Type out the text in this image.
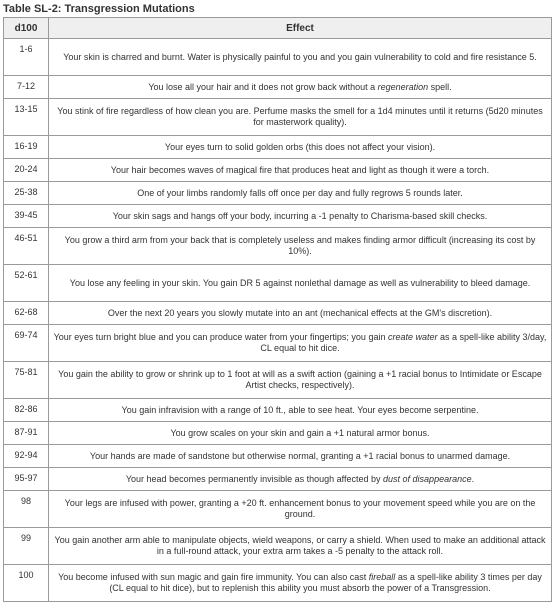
Table SL-2: Transgression Mutations
d100	Effect
1-6	Your skin is charred and burnt. Water is physically painful to you and you gain vulnerability to cold and fire resistance 5.
7-12	You lose all your hair and it does not grow back without a regeneration spell.
13-15	You stink of fire regardless of how clean you are. Perfume masks the smell for a 1d4 minutes until it returns (5d20 minutes for masterwork quality).
16-19	Your eyes turn to solid golden orbs (this does not affect your vision).
20-24	Your hair becomes waves of magical fire that produces heat and light as though it were a torch.
25-38	One of your limbs randomly falls off once per day and fully regrows 5 rounds later.
39-45	Your skin sags and hangs off your body, incurring a -1 penalty to Charisma-based skill checks.
46-51	You grow a third arm from your back that is completely useless and makes finding armor difficult (increasing its cost by 10%).
52-61	You lose any feeling in your skin. You gain DR 5 against nonlethal damage as well as vulnerability to bleed damage.
62-68	Over the next 20 years you slowly mutate into an ant (mechanical effects at the GM's discretion).
69-74	Your eyes turn bright blue and you can produce water from your fingertips; you gain create water as a spell-like ability 3/day, CL equal to hit dice.
75-81	You gain the ability to grow or shrink up to 1 foot at will as a swift action (gaining a +1 racial bonus to Intimidate or Escape Artist checks, respectively).
82-86	You gain infravision with a range of 10 ft., able to see heat. Your eyes become serpentine.
87-91	You grow scales on your skin and gain a +1 natural armor bonus.
92-94	Your hands are made of sandstone but otherwise normal, granting a +1 racial bonus to unarmed damage.
95-97	Your head becomes permanently invisible as though affected by dust of disappearance.
98	Your legs are infused with power, granting a +20 ft. enhancement bonus to your movement speed while you are on the ground.
99	You gain another arm able to manipulate objects, wield weapons, or carry a shield. When used to make an additional attack in a full-round attack, your extra arm takes a -5 penalty to the attack roll.
100	You become infused with sun magic and gain fire immunity. You can also cast fireball as a spell-like ability 3 times per day (CL equal to hit dice), but to replenish this ability you must absorb the power of a Transgression.
